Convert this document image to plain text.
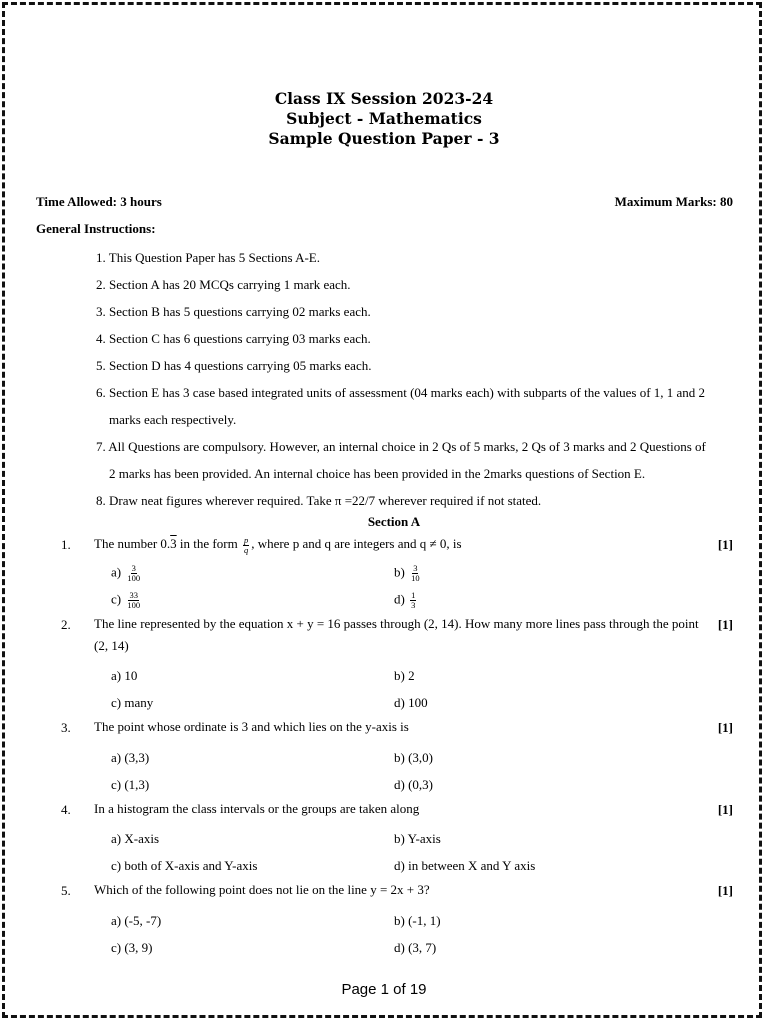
Class IX Session 2023-24
Subject - Mathematics
Sample Question Paper - 3
Time Allowed: 3 hours	Maximum Marks: 80
General Instructions:
1. This Question Paper has 5 Sections A-E.
2. Section A has 20 MCQs carrying 1 mark each.
3. Section B has 5 questions carrying 02 marks each.
4. Section C has 6 questions carrying 03 marks each.
5. Section D has 4 questions carrying 05 marks each.
6. Section E has 3 case based integrated units of assessment (04 marks each) with subparts of the values of 1, 1 and 2
marks each respectively.
7. All Questions are compulsory. However, an internal choice in 2 Qs of 5 marks, 2 Qs of 3 marks and 2 Questions of
2 marks has been provided. An internal choice has been provided in the 2marks questions of Section E.
8. Draw neat figures wherever required. Take π =22/7 wherever required if not stated.
Section A
1. The number 0.3 in the form $\frac{p}{q}$ , where p and q are integers and q ≠ 0, is	[1]
$a) \frac{3}{100}$	$b) \frac{3}{10}$
$c) \frac{33}{100}$	$d) \frac{1}{3}$
2. The line represented by the equation x + y = 16 passes through (2, 14). How many more lines pass through the point (2, 14)
[1]
a) 10	b) 2
c) many	d) 100
3. The point whose ordinate is 3 and which lies on the y-axis is	[1]
a) (3,3)	b) (3,0)
c) (1,3)	d) (0,3)
4. In a histogram the class intervals or the groups are taken along	[1]
a) X-axis	b) Y-axis
c) both of X-axis and Y-axis	d) in between X and Y axis
5. Which of the following point does not lie on the line y = 2x + 3?	[1]
a) (-5, -7)	b) (-1, 1)
c) (3, 9)	d) (3, 7)
Page 1 of 19
